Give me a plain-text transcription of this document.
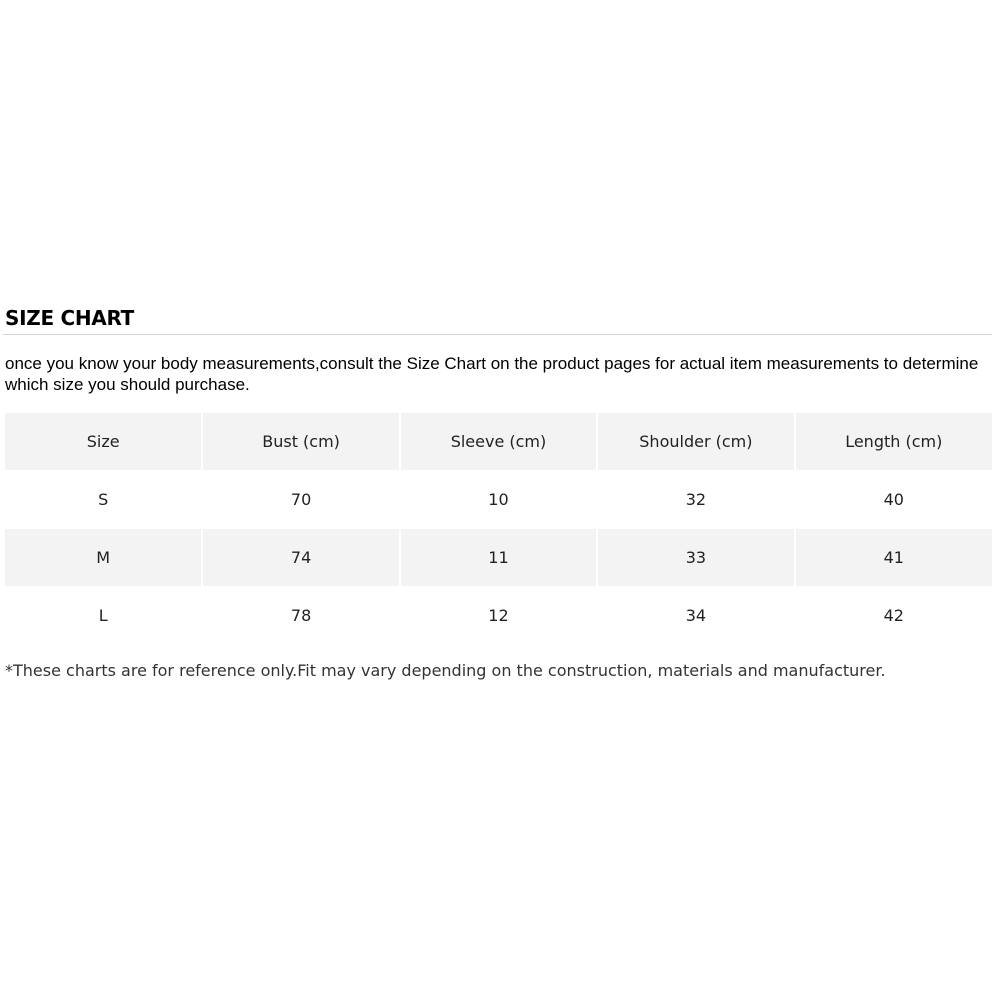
SIZE CHART

once you know your body measurements,consult the Size Chart on the product pages for actual item measurements to determine which size you should purchase.

Size	Bust (cm)	Sleeve (cm)	Shoulder (cm)	Length (cm)
S	70	10	32	40
M	74	11	33	41
L	78	12	34	42

*These charts are for reference only.Fit may vary depending on the construction, materials and manufacturer.
